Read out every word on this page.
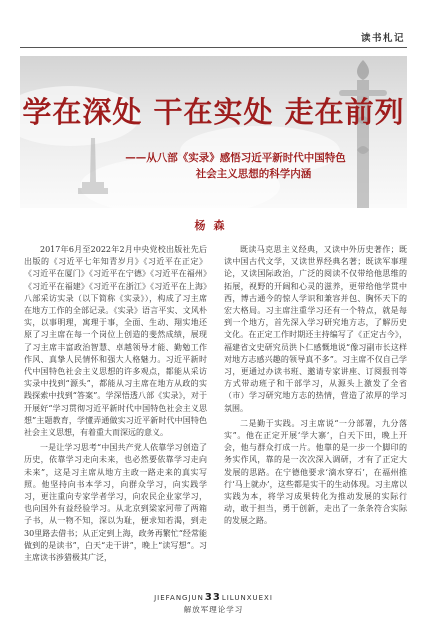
读书札记
学在深处 干在实处 走在前列
——从八部《实录》感悟习近平新时代中国特色
社会主义思想的科学内涵
杨森

2017年6月至2022年2月中央党校出版社先后出版的《习近平七年知青岁月》《习近平在正定》《习近平在厦门》《习近平在宁德》《习近平在福州》《习近平在福建》《习近平在浙江》《习近平在上海》八部采访实录（以下简称《实录》），构成了习主席在地方工作的全部记录。《实录》语言平实、文风朴实，以事明理，寓理于事，全面、生动、翔实地还原了习主席在每一个岗位上创造的斐然成绩，展现了习主席丰富政治智慧、卓越领导才能、勤勉工作作风、真挚人民情怀和强大人格魅力。习近平新时代中国特色社会主义思想的许多观点，都能从采访实录中找到“源头”，都能从习主席在地方从政的实践探索中找到“答案”。学深悟透八部《实录》，对于开展好“学习贯彻习近平新时代中国特色社会主义思想”主题教育，学懂弄通做实习近平新时代中国特色社会主义思想，有着重大而深远的意义。

一是让学习思考“中国共产党人依靠学习创造了历史，依靠学习走向未来，也必然要依靠学习走向未来”，这是习主席从地方主政一路走来的真实写照。他坚持向书本学习，向群众学习，向实践学习，更注重向专家学者学习，向农民企业家学习，也向国外有益经验学习。从北京到梁家河带了两箱子书，从一物不知，深以为耻，便求知若渴，到走30里路去借书；从正定到上海，政务再繁忙“经常能做到的是读书”，白天“走干讲”，晚上“读写想”。习主席读书涉猎极其广泛，

既读马克思主义经典，又读中外历史著作；既读中国古代文学，又读世界经典名著；既读军事理论，又读国际政治，广泛的阅读不仅带给他思维的拓展，视野的开阔和心灵的滋养，更带给他学贯中西，博古通今的惊人学识和兼容并包、胸怀天下的宏大格局。习主席注重学习还有一个特点，就是每到一个地方，首先深入学习研究地方志，了解历史文化。在正定工作时期还主持编写了《正定古今》，福建省文史研究员洪卜仁感慨地说“像习副市长这样对地方志感兴趣的领导真不多”。习主席不仅自己学习，更通过办读书班、邀请专家讲座、订阅报刊等方式带动班子和干部学习，从源头上激发了全省（市）学习研究地方志的热情，营造了浓厚的学习氛围。

二是勤于实践。习主席说“一分部署，九分落实”。他在正定开展‘学大寨’，白天下田，晚上开会，他与群众打成一片。他靠的是一步一个脚印的务实作风，靠的是一次次深入调研，才有了正定大发展的思路。在宁德他要求‘滴水穿石’，在福州推行‘马上就办’，这些都是实干的生动体现。习主席以实践为本，将学习成果转化为推动发展的实际行动，敢于担当，勇于创新，走出了一条条符合实际的发展之路。

JIEFANGJUN33LILUNXUEXI
解放军理论学习
